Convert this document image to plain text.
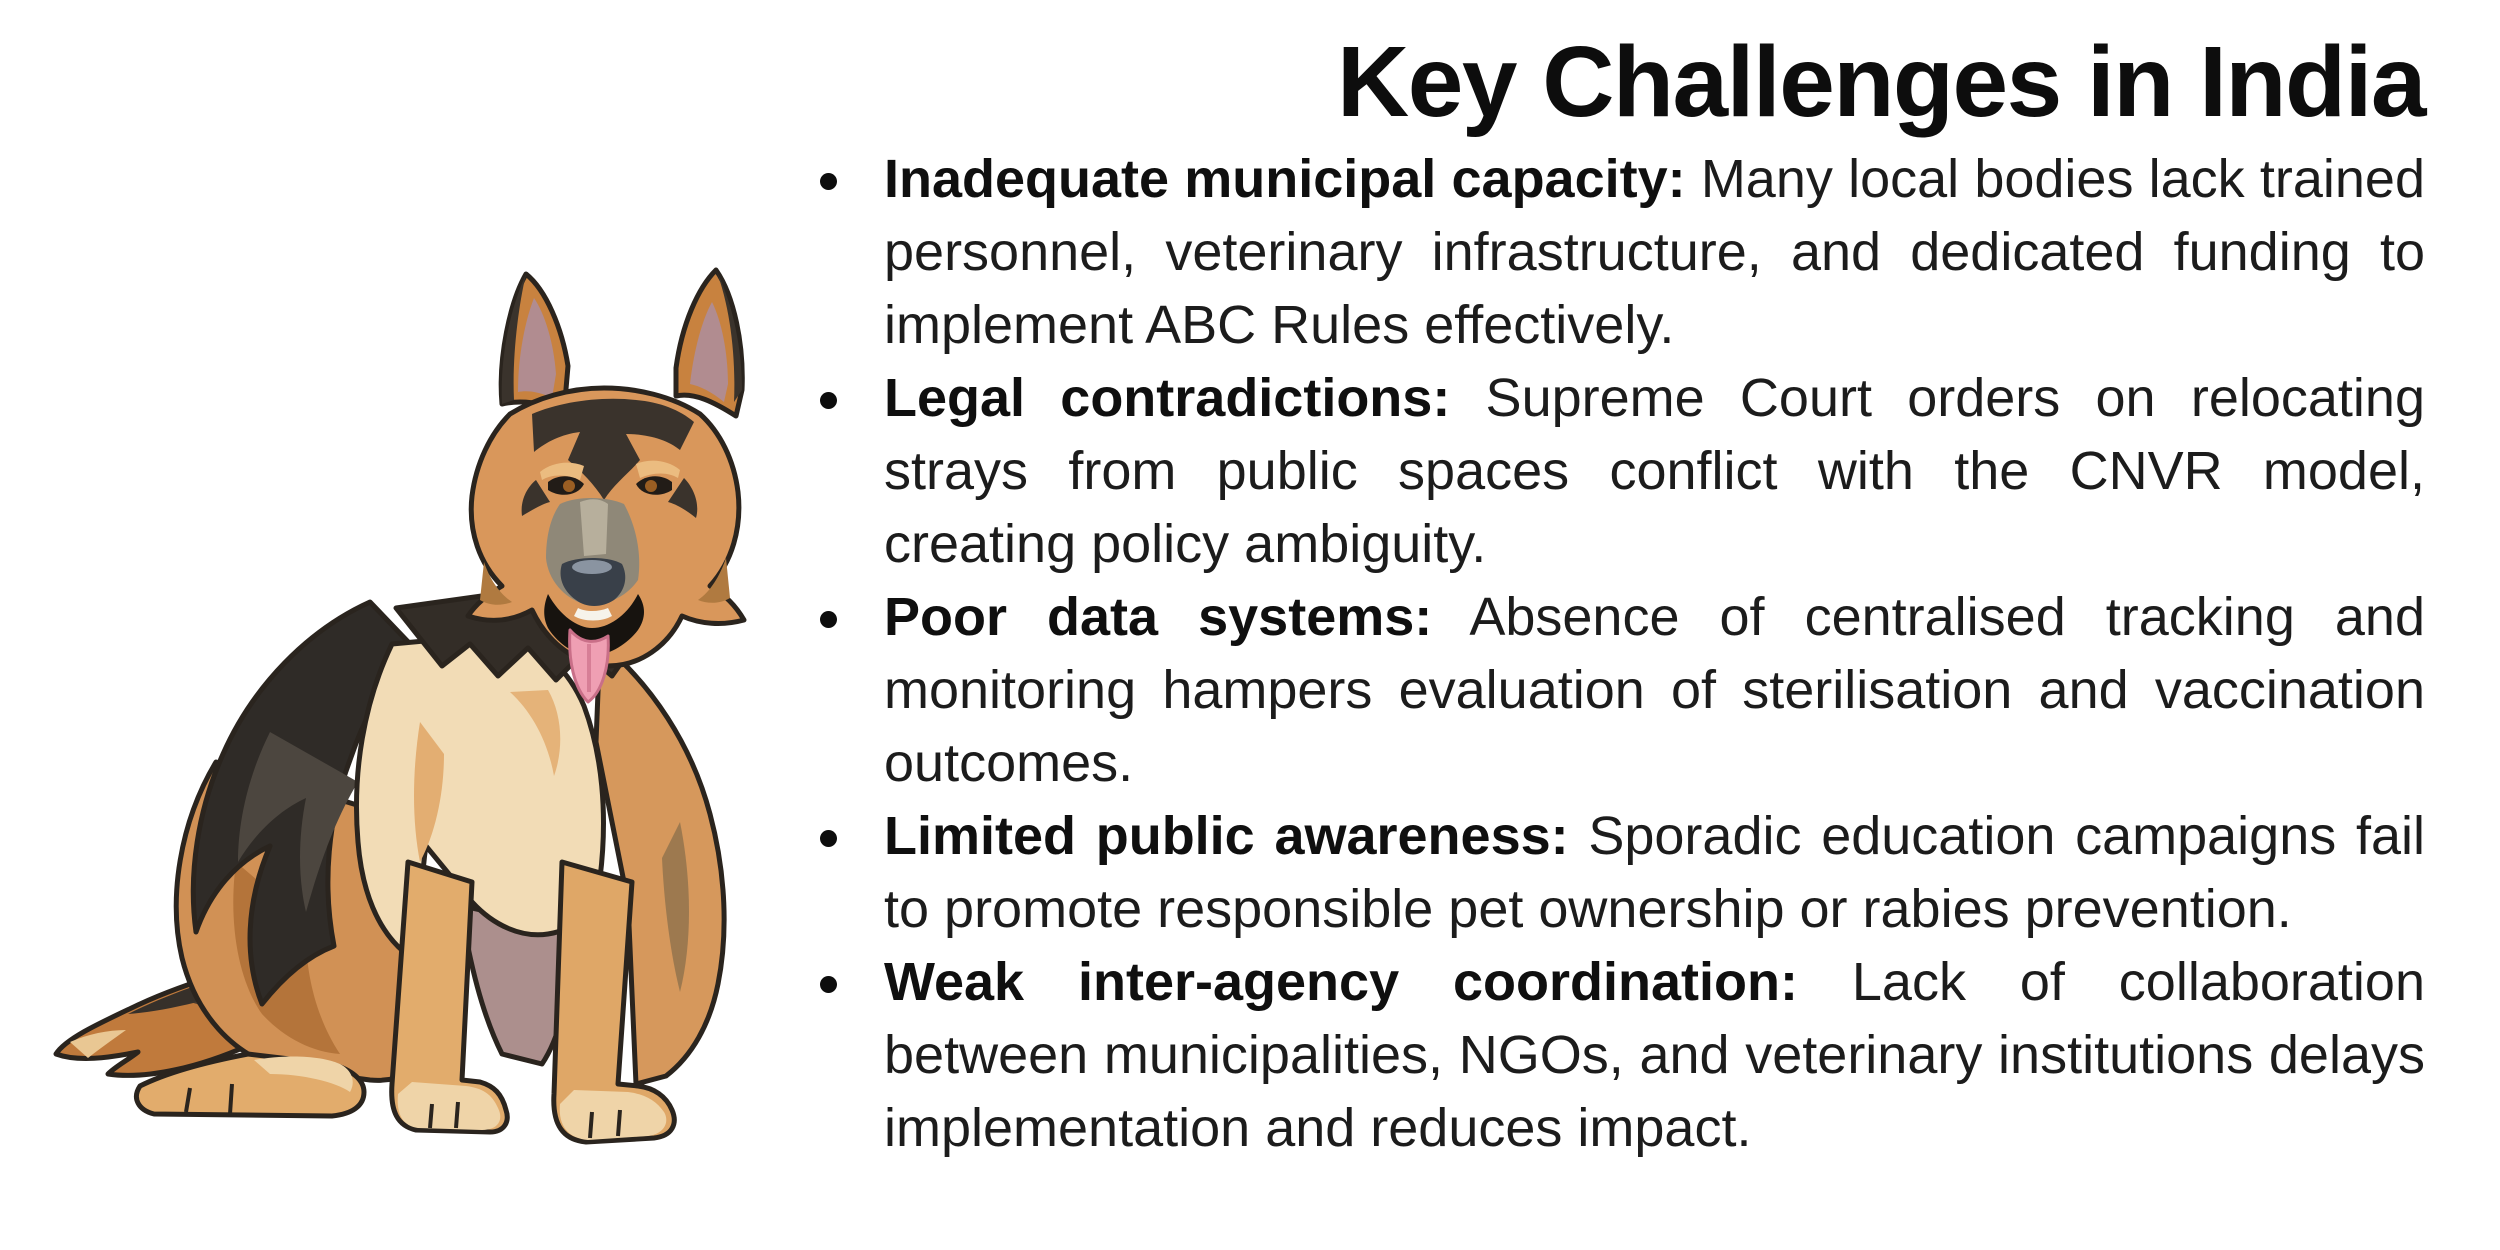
Key Challenges in India
Inadequate municipal capacity: Many local bodies lack trained personnel, veterinary infrastructure, and dedicated funding to implement ABC Rules effectively.
Legal contradictions: Supreme Court orders on relocating strays from public spaces conflict with the CNVR model, creating policy ambiguity.
Poor data systems: Absence of centralised tracking and monitoring hampers evaluation of sterilisation and vaccination outcomes.
Limited public awareness: Sporadic education campaigns fail to promote responsible pet ownership or rabies prevention.
Weak inter-agency coordination: Lack of collaboration between municipalities, NGOs, and veterinary institutions delays implementation and reduces impact.
